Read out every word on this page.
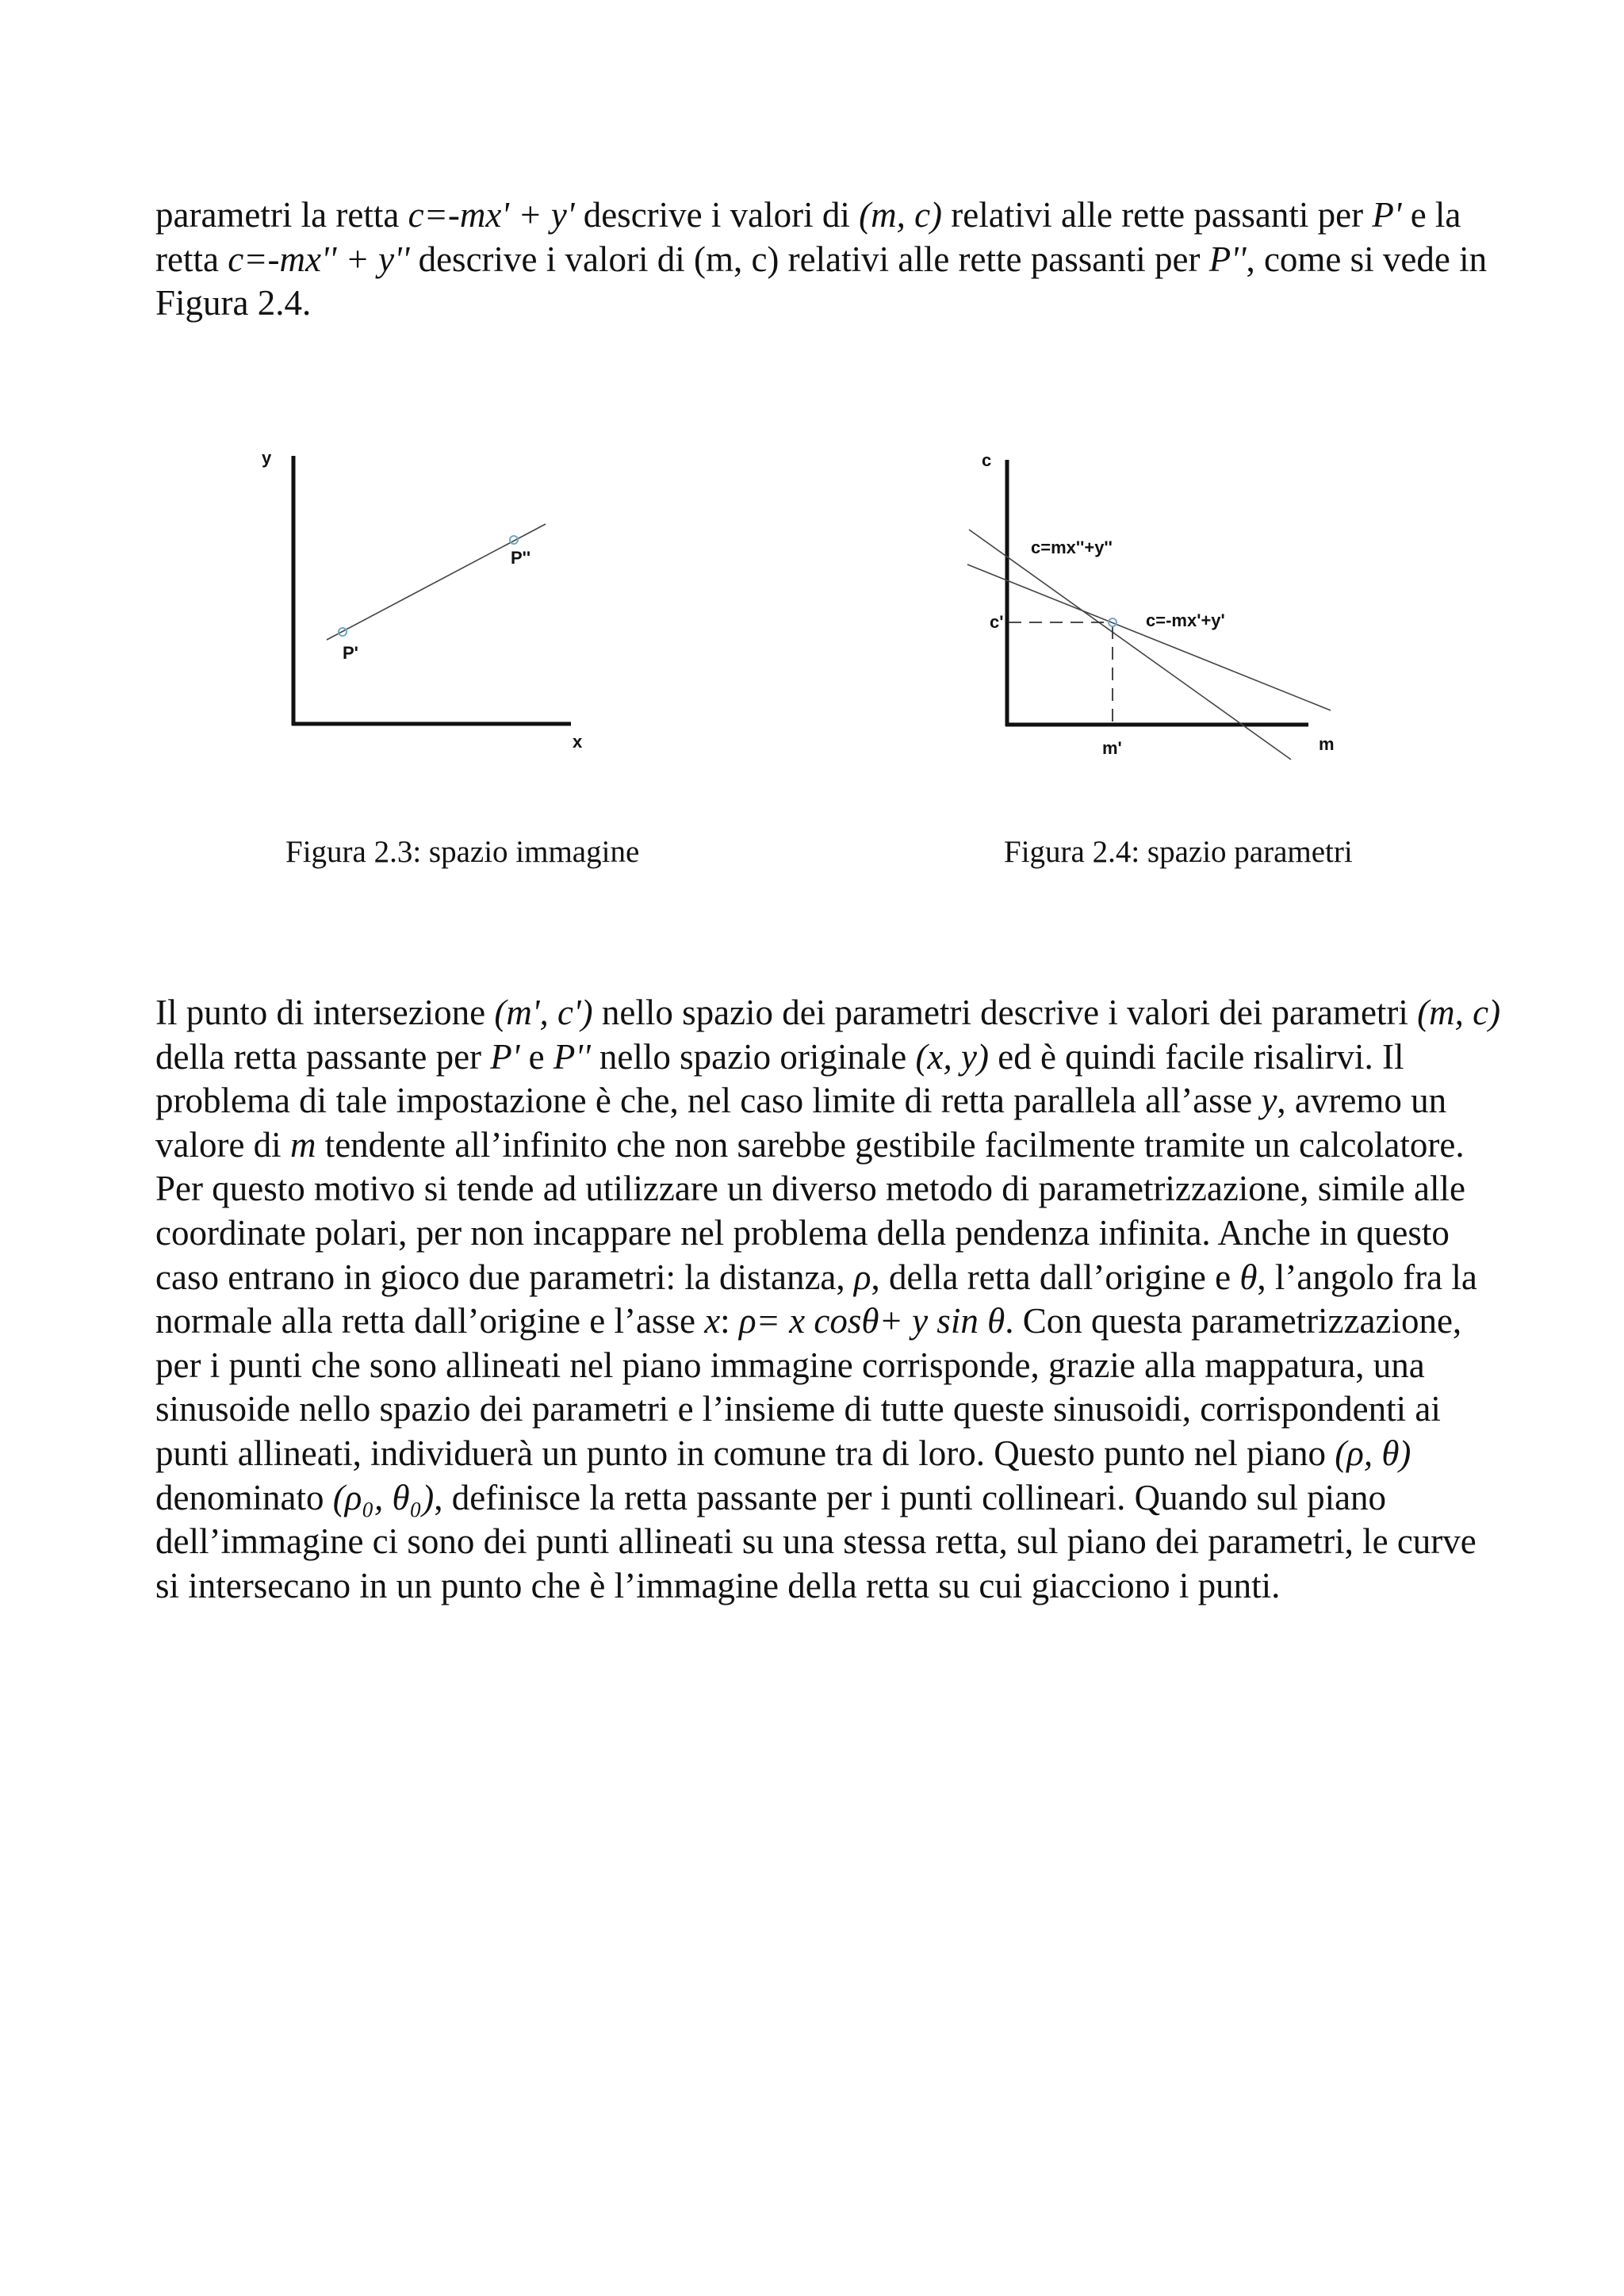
parametri la retta c=-mx' + y' descrive i valori di (m, c) relativi alle rette passanti per P' e la retta c=-mx'' + y'' descrive i valori di (m, c) relativi alle rette passanti per P'', come si vede in Figura 2.4.

y
x
P'
P''
c
m
c=mx''+y''
c=-mx'+y'
c'
m'

Figura 2.3: spazio immagine	Figura 2.4: spazio parametri

Il punto di intersezione (m', c') nello spazio dei parametri descrive i valori dei parametri (m, c) della retta passante per P' e P'' nello spazio originale (x, y) ed è quindi facile risalirvi. Il problema di tale impostazione è che, nel caso limite di retta parallela all’asse y, avremo un valore di m tendente all’infinito che non sarebbe gestibile facilmente tramite un calcolatore. Per questo motivo si tende ad utilizzare un diverso metodo di parametrizzazione, simile alle coordinate polari, per non incappare nel problema della pendenza infinita. Anche in questo caso entrano in gioco due parametri: la distanza, ρ, della retta dall’origine e θ, l’angolo fra la normale alla retta dall’origine e l’asse x: ρ= x cosθ+ y sin θ. Con questa parametrizzazione, per i punti che sono allineati nel piano immagine corrisponde, grazie alla mappatura, una sinusoide nello spazio dei parametri e l’insieme di tutte queste sinusoidi, corrispondenti ai punti allineati, individuerà un punto in comune tra di loro. Questo punto nel piano (ρ, θ) denominato (ρ₀, θ₀), definisce la retta passante per i punti collineari. Quando sul piano dell’immagine ci sono dei punti allineati su una stessa retta, sul piano dei parametri, le curve si intersecano in un punto che è l’immagine della retta su cui giacciono i punti.
